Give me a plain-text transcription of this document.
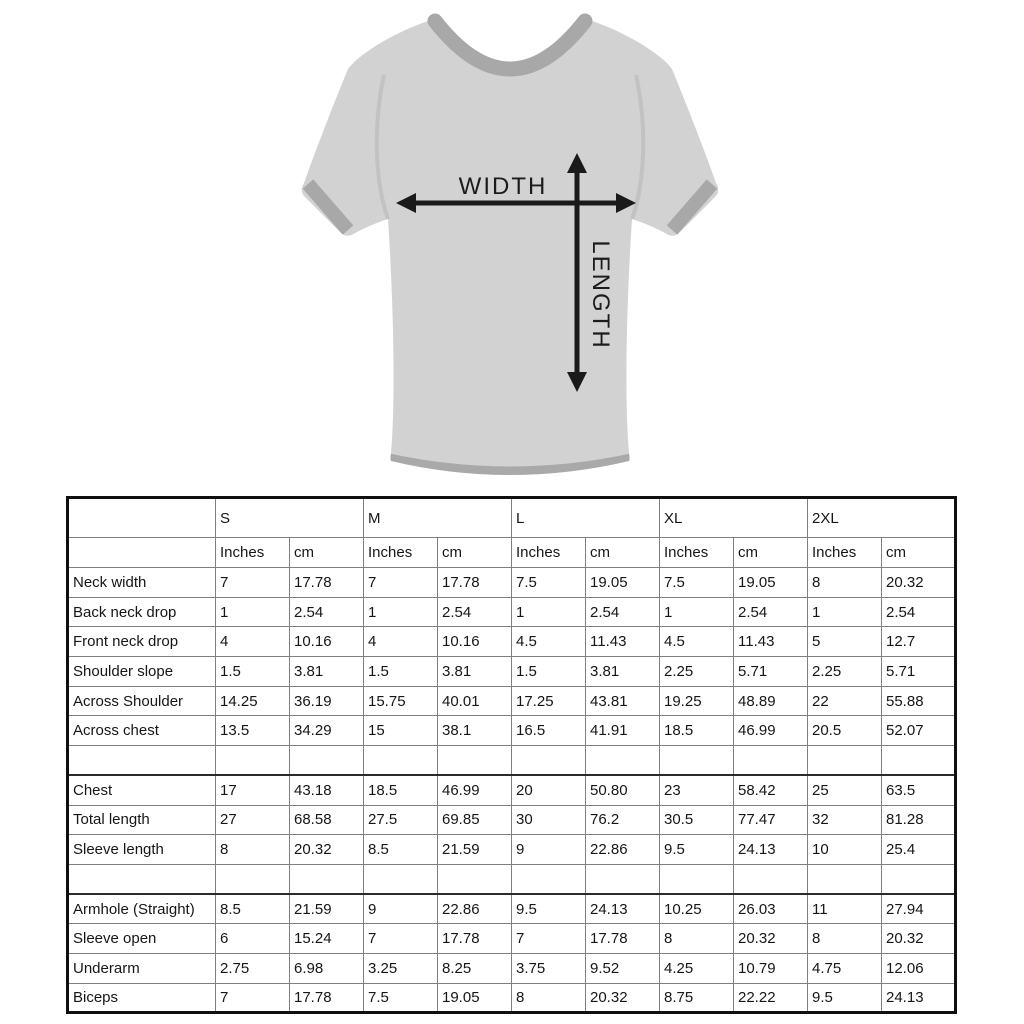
WIDTH
LENGTH
	S		M		L		XL		2XL	
	Inches	cm	Inches	cm	Inches	cm	Inches	cm	Inches	cm
Neck width	7	17.78	7	17.78	7.5	19.05	7.5	19.05	8	20.32
Back neck drop	1	2.54	1	2.54	1	2.54	1	2.54	1	2.54
Front neck drop	4	10.16	4	10.16	4.5	11.43	4.5	11.43	5	12.7
Shoulder slope	1.5	3.81	1.5	3.81	1.5	3.81	2.25	5.71	2.25	5.71
Across Shoulder	14.25	36.19	15.75	40.01	17.25	43.81	19.25	48.89	22	55.88
Across chest	13.5	34.29	15	38.1	16.5	41.91	18.5	46.99	20.5	52.07

Chest	17	43.18	18.5	46.99	20	50.80	23	58.42	25	63.5
Total length	27	68.58	27.5	69.85	30	76.2	30.5	77.47	32	81.28
Sleeve length	8	20.32	8.5	21.59	9	22.86	9.5	24.13	10	25.4

Armhole (Straight)	8.5	21.59	9	22.86	9.5	24.13	10.25	26.03	11	27.94
Sleeve open	6	15.24	7	17.78	7	17.78	8	20.32	8	20.32
Underarm	2.75	6.98	3.25	8.25	3.75	9.52	4.25	10.79	4.75	12.06
Biceps	7	17.78	7.5	19.05	8	20.32	8.75	22.22	9.5	24.13
